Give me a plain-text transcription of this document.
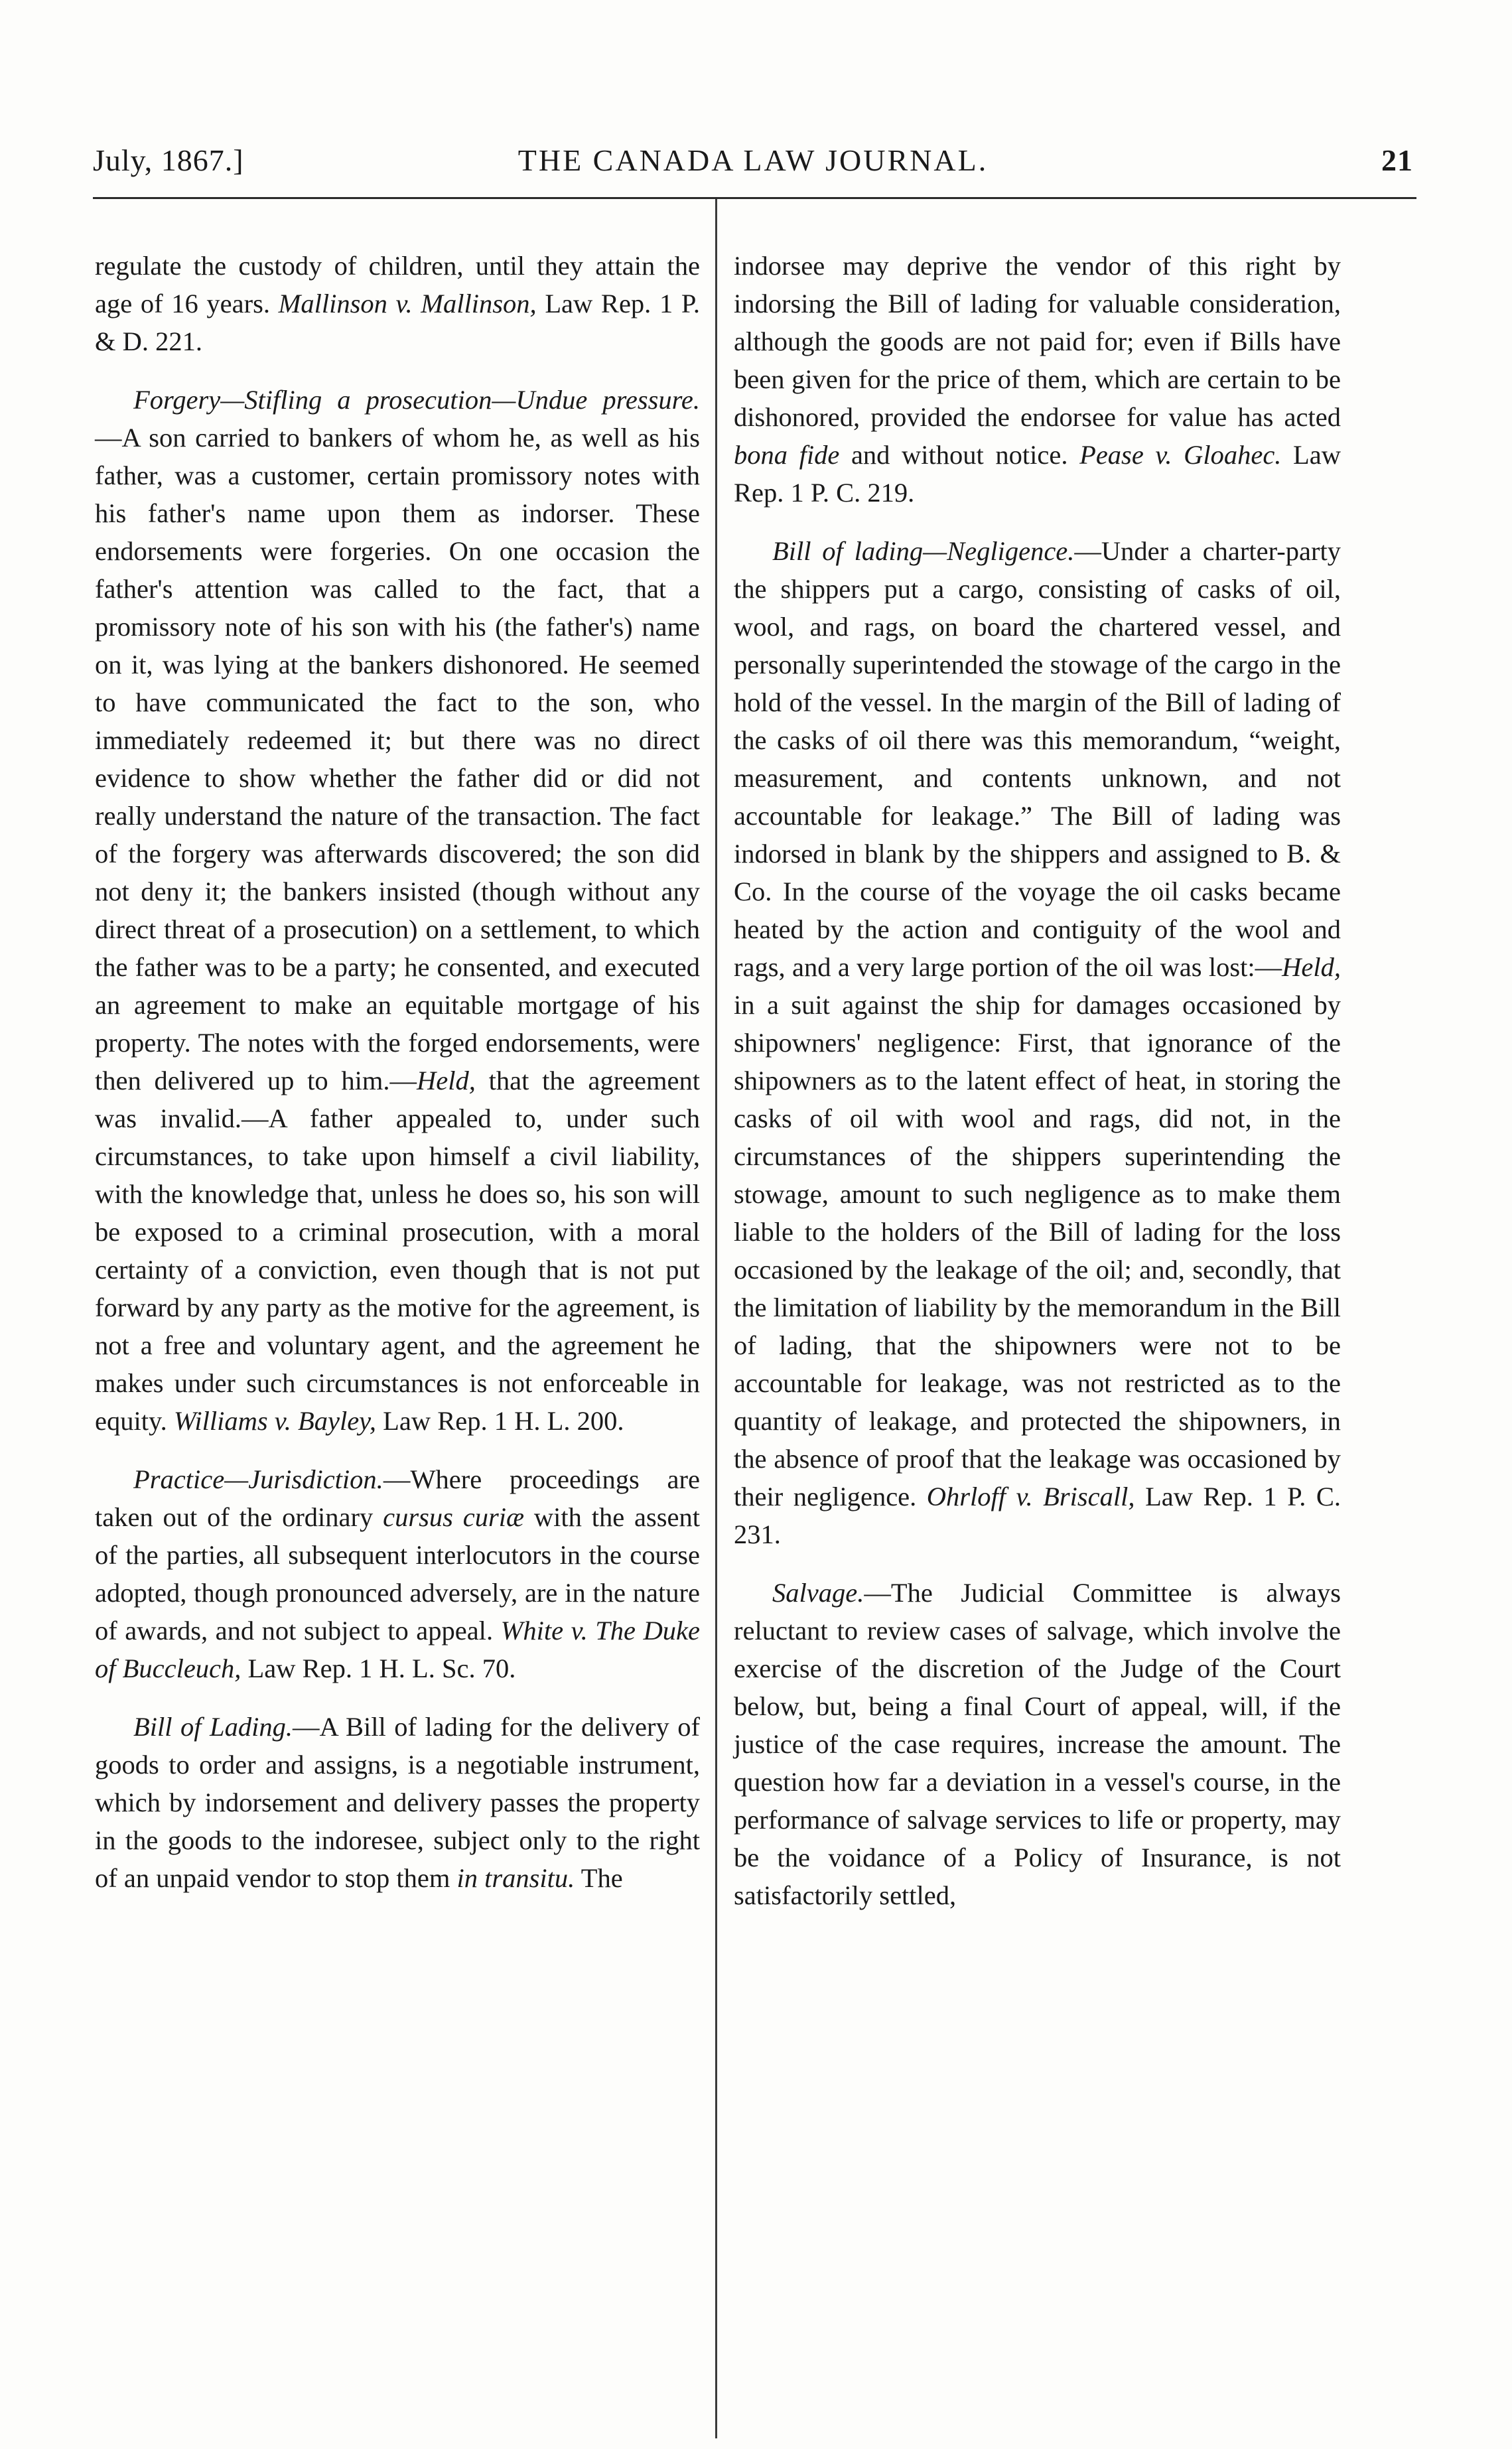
July, 1867.]	THE CANADA LAW JOURNAL.	21

regulate the custody of children, until they attain the age of 16 years. Mallinson v. Mallinson, Law Rep. 1 P. & D. 221.

Forgery—Stifling a prosecution—Undue pressure.—A son carried to bankers of whom he, as well as his father, was a customer, certain promissory notes with his father's name upon them as indorser. These endorsements were forgeries. On one occasion the father's attention was called to the fact, that a promissory note of his son with his (the father's) name on it, was lying at the bankers dishonored. He seemed to have communicated the fact to the son, who immediately redeemed it; but there was no direct evidence to show whether the father did or did not really understand the nature of the transaction. The fact of the forgery was afterwards discovered; the son did not deny it; the bankers insisted (though without any direct threat of a prosecution) on a settlement, to which the father was to be a party; he consented, and executed an agreement to make an equitable mortgage of his property. The notes with the forged endorsements, were then delivered up to him.—Held, that the agreement was invalid.—A father appealed to, under such circumstances, to take upon himself a civil liability, with the knowledge that, unless he does so, his son will be exposed to a criminal prosecution, with a moral certainty of a conviction, even though that is not put forward by any party as the motive for the agreement, is not a free and voluntary agent, and the agreement he makes under such circumstances is not enforceable in equity. Williams v. Bayley, Law Rep. 1 H. L. 200.

Practice—Jurisdiction.—Where proceedings are taken out of the ordinary cursus curiæ with the assent of the parties, all subsequent interlocutors in the course adopted, though pronounced adversely, are in the nature of awards, and not subject to appeal. White v. The Duke of Buccleuch, Law Rep. 1 H. L. Sc. 70.

Bill of Lading.—A Bill of lading for the delivery of goods to order and assigns, is a negotiable instrument, which by indorsement and delivery passes the property in the goods to the indoresee, subject only to the right of an unpaid vendor to stop them in transitu. The

indorsee may deprive the vendor of this right by indorsing the Bill of lading for valuable consideration, although the goods are not paid for; even if Bills have been given for the price of them, which are certain to be dishonored, provided the endorsee for value has acted bona fide and without notice. Pease v. Gloahec. Law Rep. 1 P. C. 219.

Bill of lading—Negligence.—Under a charter-party the shippers put a cargo, consisting of casks of oil, wool, and rags, on board the chartered vessel, and personally superintended the stowage of the cargo in the hold of the vessel. In the margin of the Bill of lading of the casks of oil there was this memorandum, “weight, measurement, and contents unknown, and not accountable for leakage.” The Bill of lading was indorsed in blank by the shippers and assigned to B. & Co. In the course of the voyage the oil casks became heated by the action and contiguity of the wool and rags, and a very large portion of the oil was lost:—Held, in a suit against the ship for damages occasioned by shipowners' negligence: First, that ignorance of the shipowners as to the latent effect of heat, in storing the casks of oil with wool and rags, did not, in the circumstances of the shippers superintending the stowage, amount to such negligence as to make them liable to the holders of the Bill of lading for the loss occasioned by the leakage of the oil; and, secondly, that the limitation of liability by the memorandum in the Bill of lading, that the shipowners were not to be accountable for leakage, was not restricted as to the quantity of leakage, and protected the shipowners, in the absence of proof that the leakage was occasioned by their negligence. Ohrloff v. Briscall, Law Rep. 1 P. C. 231.

Salvage.—The Judicial Committee is always reluctant to review cases of salvage, which involve the exercise of the discretion of the Judge of the Court below, but, being a final Court of appeal, will, if the justice of the case requires, increase the amount. The question how far a deviation in a vessel's course, in the performance of salvage services to life or property, may be the voidance of a Policy of Insurance, is not satisfactorily settled,
